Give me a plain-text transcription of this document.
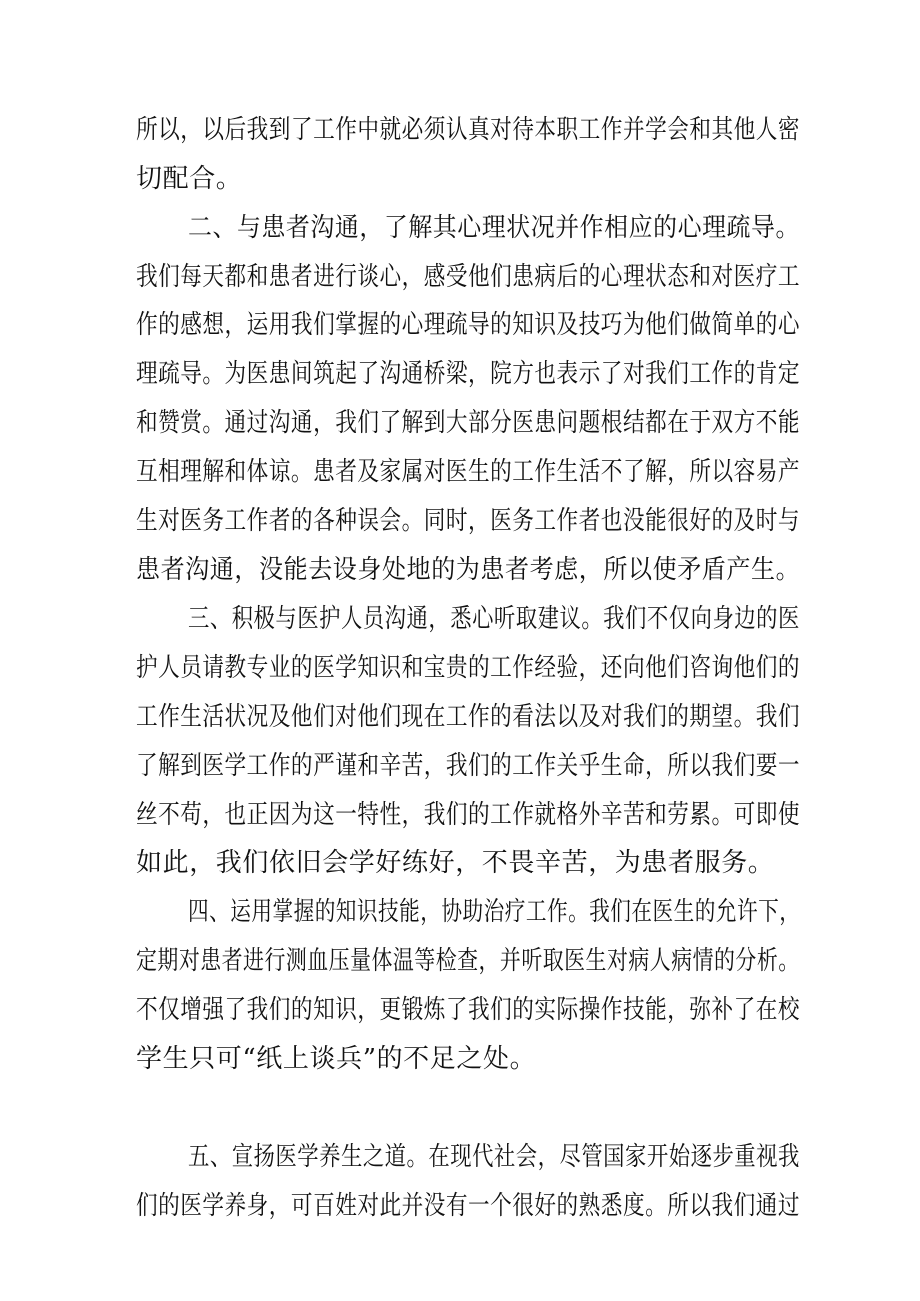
所以，以后我到了工作中就必须认真对待本职工作并学会和其他人密
切配合。
二、与患者沟通，了解其心理状况并作相应的心理疏导。
我们每天都和患者进行谈心，感受他们患病后的心理状态和对医疗工
作的感想，运用我们掌握的心理疏导的知识及技巧为他们做简单的心
理疏导。为医患间筑起了沟通桥梁，院方也表示了对我们工作的肯定
和赞赏。通过沟通，我们了解到大部分医患问题根结都在于双方不能
互相理解和体谅。患者及家属对医生的工作生活不了解，所以容易产
生对医务工作者的各种误会。同时，医务工作者也没能很好的及时与
患者沟通，没能去设身处地的为患者考虑，所以使矛盾产生。
三、积极与医护人员沟通，悉心听取建议。我们不仅向身边的医
护人员请教专业的医学知识和宝贵的工作经验，还向他们咨询他们的
工作生活状况及他们对他们现在工作的看法以及对我们的期望。我们
了解到医学工作的严谨和辛苦，我们的工作关乎生命，所以我们要一
丝不苟，也正因为这一特性，我们的工作就格外辛苦和劳累。可即使
如此，我们依旧会学好练好，不畏辛苦，为患者服务。
四、运用掌握的知识技能，协助治疗工作。我们在医生的允许下，
定期对患者进行测血压量体温等检查，并听取医生对病人病情的分析。
不仅增强了我们的知识，更锻炼了我们的实际操作技能，弥补了在校
学生只可“纸上谈兵”的不足之处。
五、宣扬医学养生之道。在现代社会，尽管国家开始逐步重视我
们的医学养身，可百姓对此并没有一个很好的熟悉度。所以我们通过
